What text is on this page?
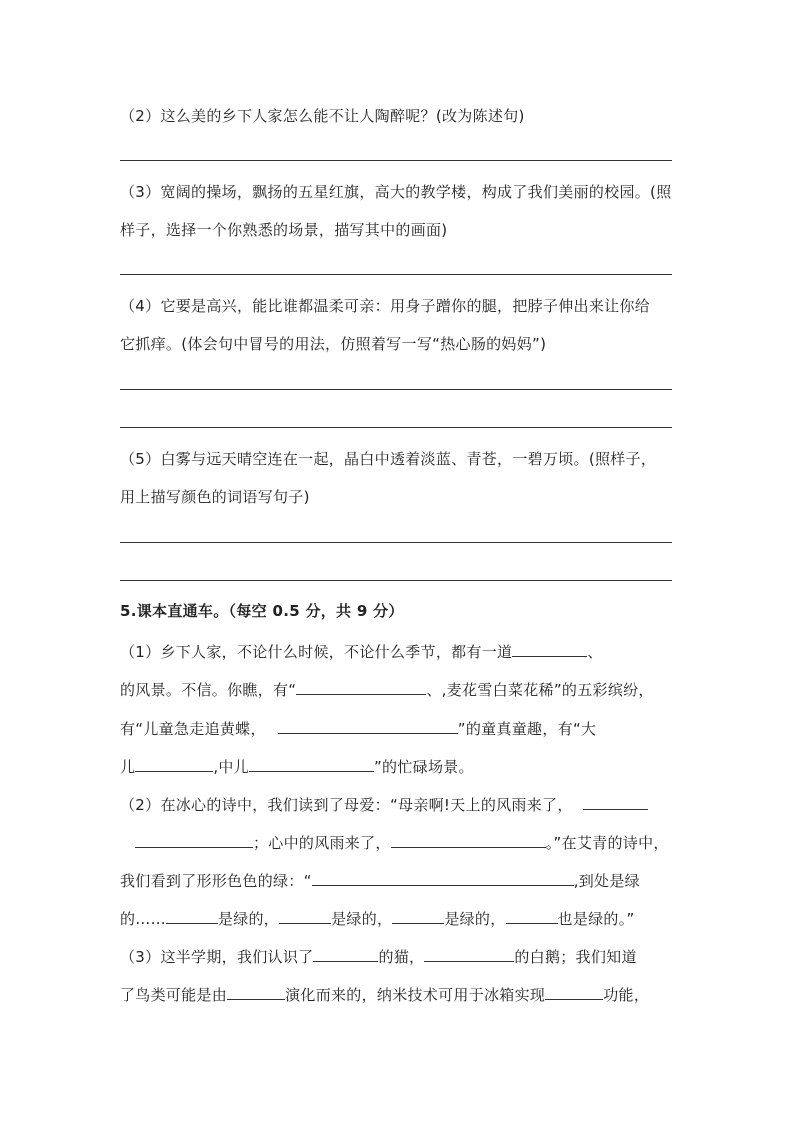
（2）这么美的乡下人家怎么能不让人陶醉呢？(改为陈述句)
（3）宽阔的操场，飘扬的五星红旗，高大的教学楼，构成了我们美丽的校园。(照
样子，选择一个你熟悉的场景，描写其中的画面)
（4）它要是高兴，能比谁都温柔可亲：用身子蹭你的腿，把脖子伸出来让你给
它抓痒。(体会句中冒号的用法，仿照着写一写“热心肠的妈妈”)
（5）白雾与远天晴空连在一起，晶白中透着淡蓝、青苍，一碧万顷。(照样子，
用上描写颜色的词语写句子)
5.课本直通车。（每空 0.5 分，共 9 分）
（1）乡下人家，不论什么时候，不论什么季节，都有一道	、
的风景。不信。你瞧，有“	、,麦花雪白菜花稀”的五彩缤纷，
有“儿童急走追黄蝶，	”的童真童趣，有“大
儿	,中儿	”的忙碌场景。
（2）在冰心的诗中，我们读到了母爱：“母亲啊!天上的风雨来了，
；心中的风雨来了，	。”在艾青的诗中，
我们看到了形形色色的绿：“	,到处是绿
的……	是绿的，	是绿的，	是绿的，	也是绿的。”
（3）这半学期，我们认识了	的猫，	的白鹅；我们知道
了鸟类可能是由	演化而来的，纳米技术可用于冰箱实现	功能，
